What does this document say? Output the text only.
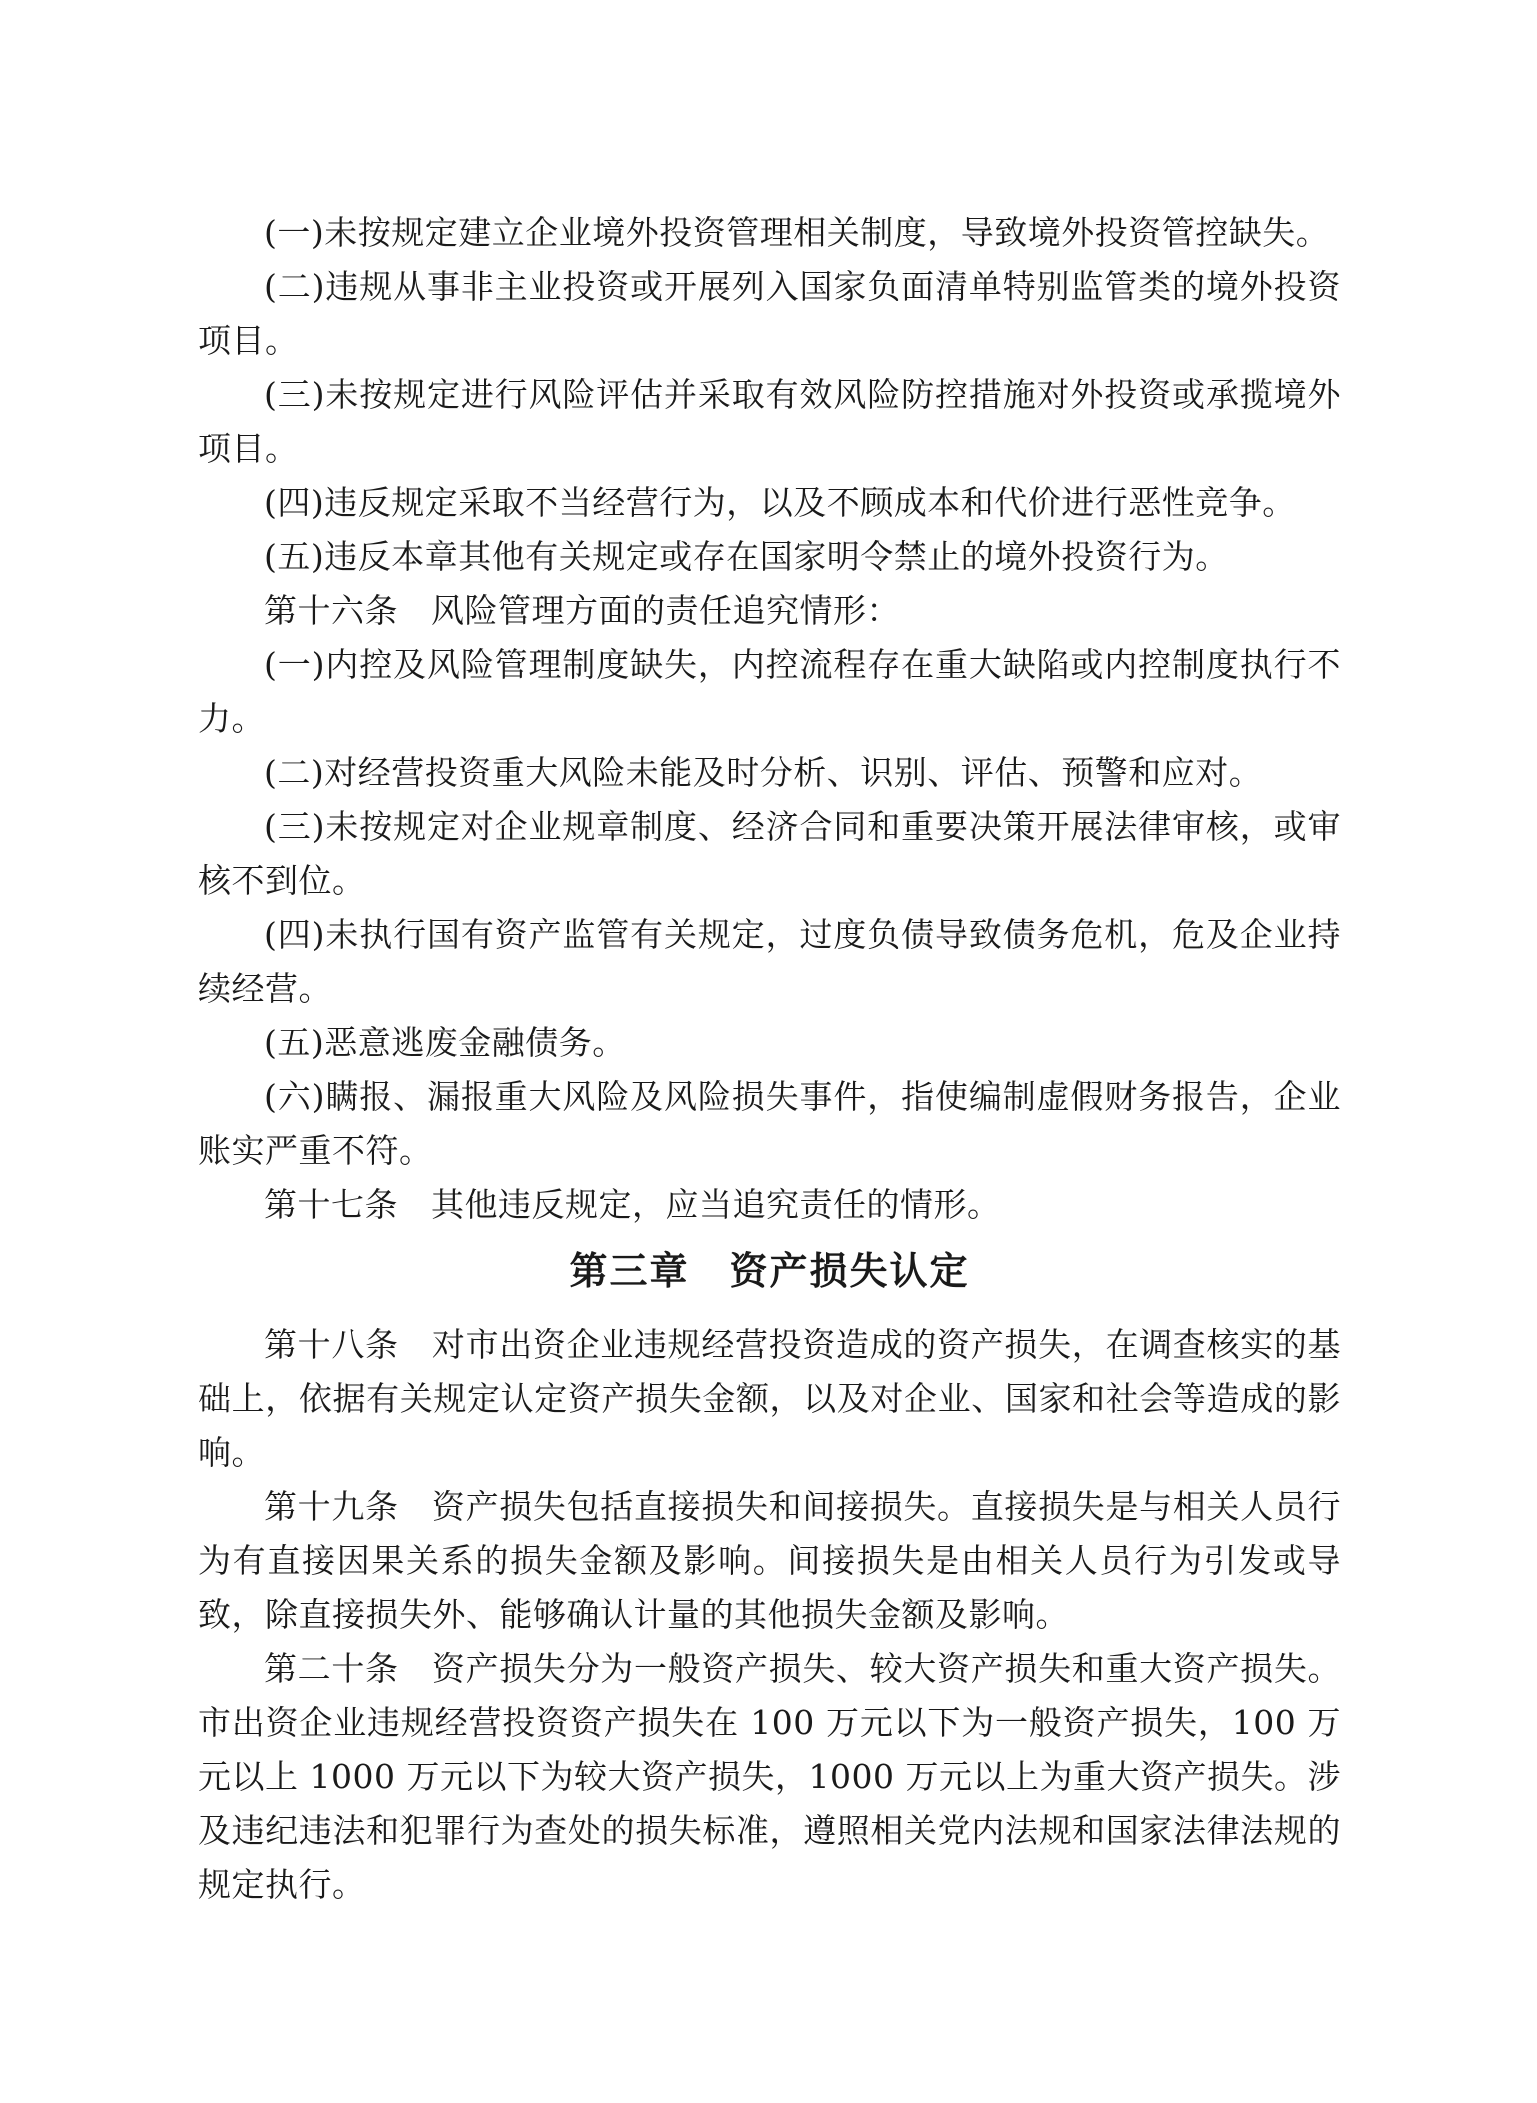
(一)未按规定建立企业境外投资管理相关制度，导致境外投资管控缺失。

(二)违规从事非主业投资或开展列入国家负面清单特别监管类的境外投资项目。

(三)未按规定进行风险评估并采取有效风险防控措施对外投资或承揽境外项目。

(四)违反规定采取不当经营行为，以及不顾成本和代价进行恶性竞争。

(五)违反本章其他有关规定或存在国家明令禁止的境外投资行为。

第十六条 风险管理方面的责任追究情形：

(一)内控及风险管理制度缺失，内控流程存在重大缺陷或内控制度执行不力。

(二)对经营投资重大风险未能及时分析、识别、评估、预警和应对。

(三)未按规定对企业规章制度、经济合同和重要决策开展法律审核，或审核不到位。

(四)未执行国有资产监管有关规定，过度负债导致债务危机，危及企业持续经营。

(五)恶意逃废金融债务。

(六)瞒报、漏报重大风险及风险损失事件，指使编制虚假财务报告，企业账实严重不符。

第十七条 其他违反规定，应当追究责任的情形。

第三章　资产损失认定

第十八条 对市出资企业违规经营投资造成的资产损失，在调查核实的基础上，依据有关规定认定资产损失金额，以及对企业、国家和社会等造成的影响。

第十九条 资产损失包括直接损失和间接损失。直接损失是与相关人员行为有直接因果关系的损失金额及影响。间接损失是由相关人员行为引发或导致，除直接损失外、能够确认计量的其他损失金额及影响。

第二十条 资产损失分为一般资产损失、较大资产损失和重大资产损失。市出资企业违规经营投资资产损失在 100 万元以下为一般资产损失，100 万元以上 1000 万元以下为较大资产损失，1000 万元以上为重大资产损失。涉及违纪违法和犯罪行为查处的损失标准，遵照相关党内法规和国家法律法规的规定执行。
